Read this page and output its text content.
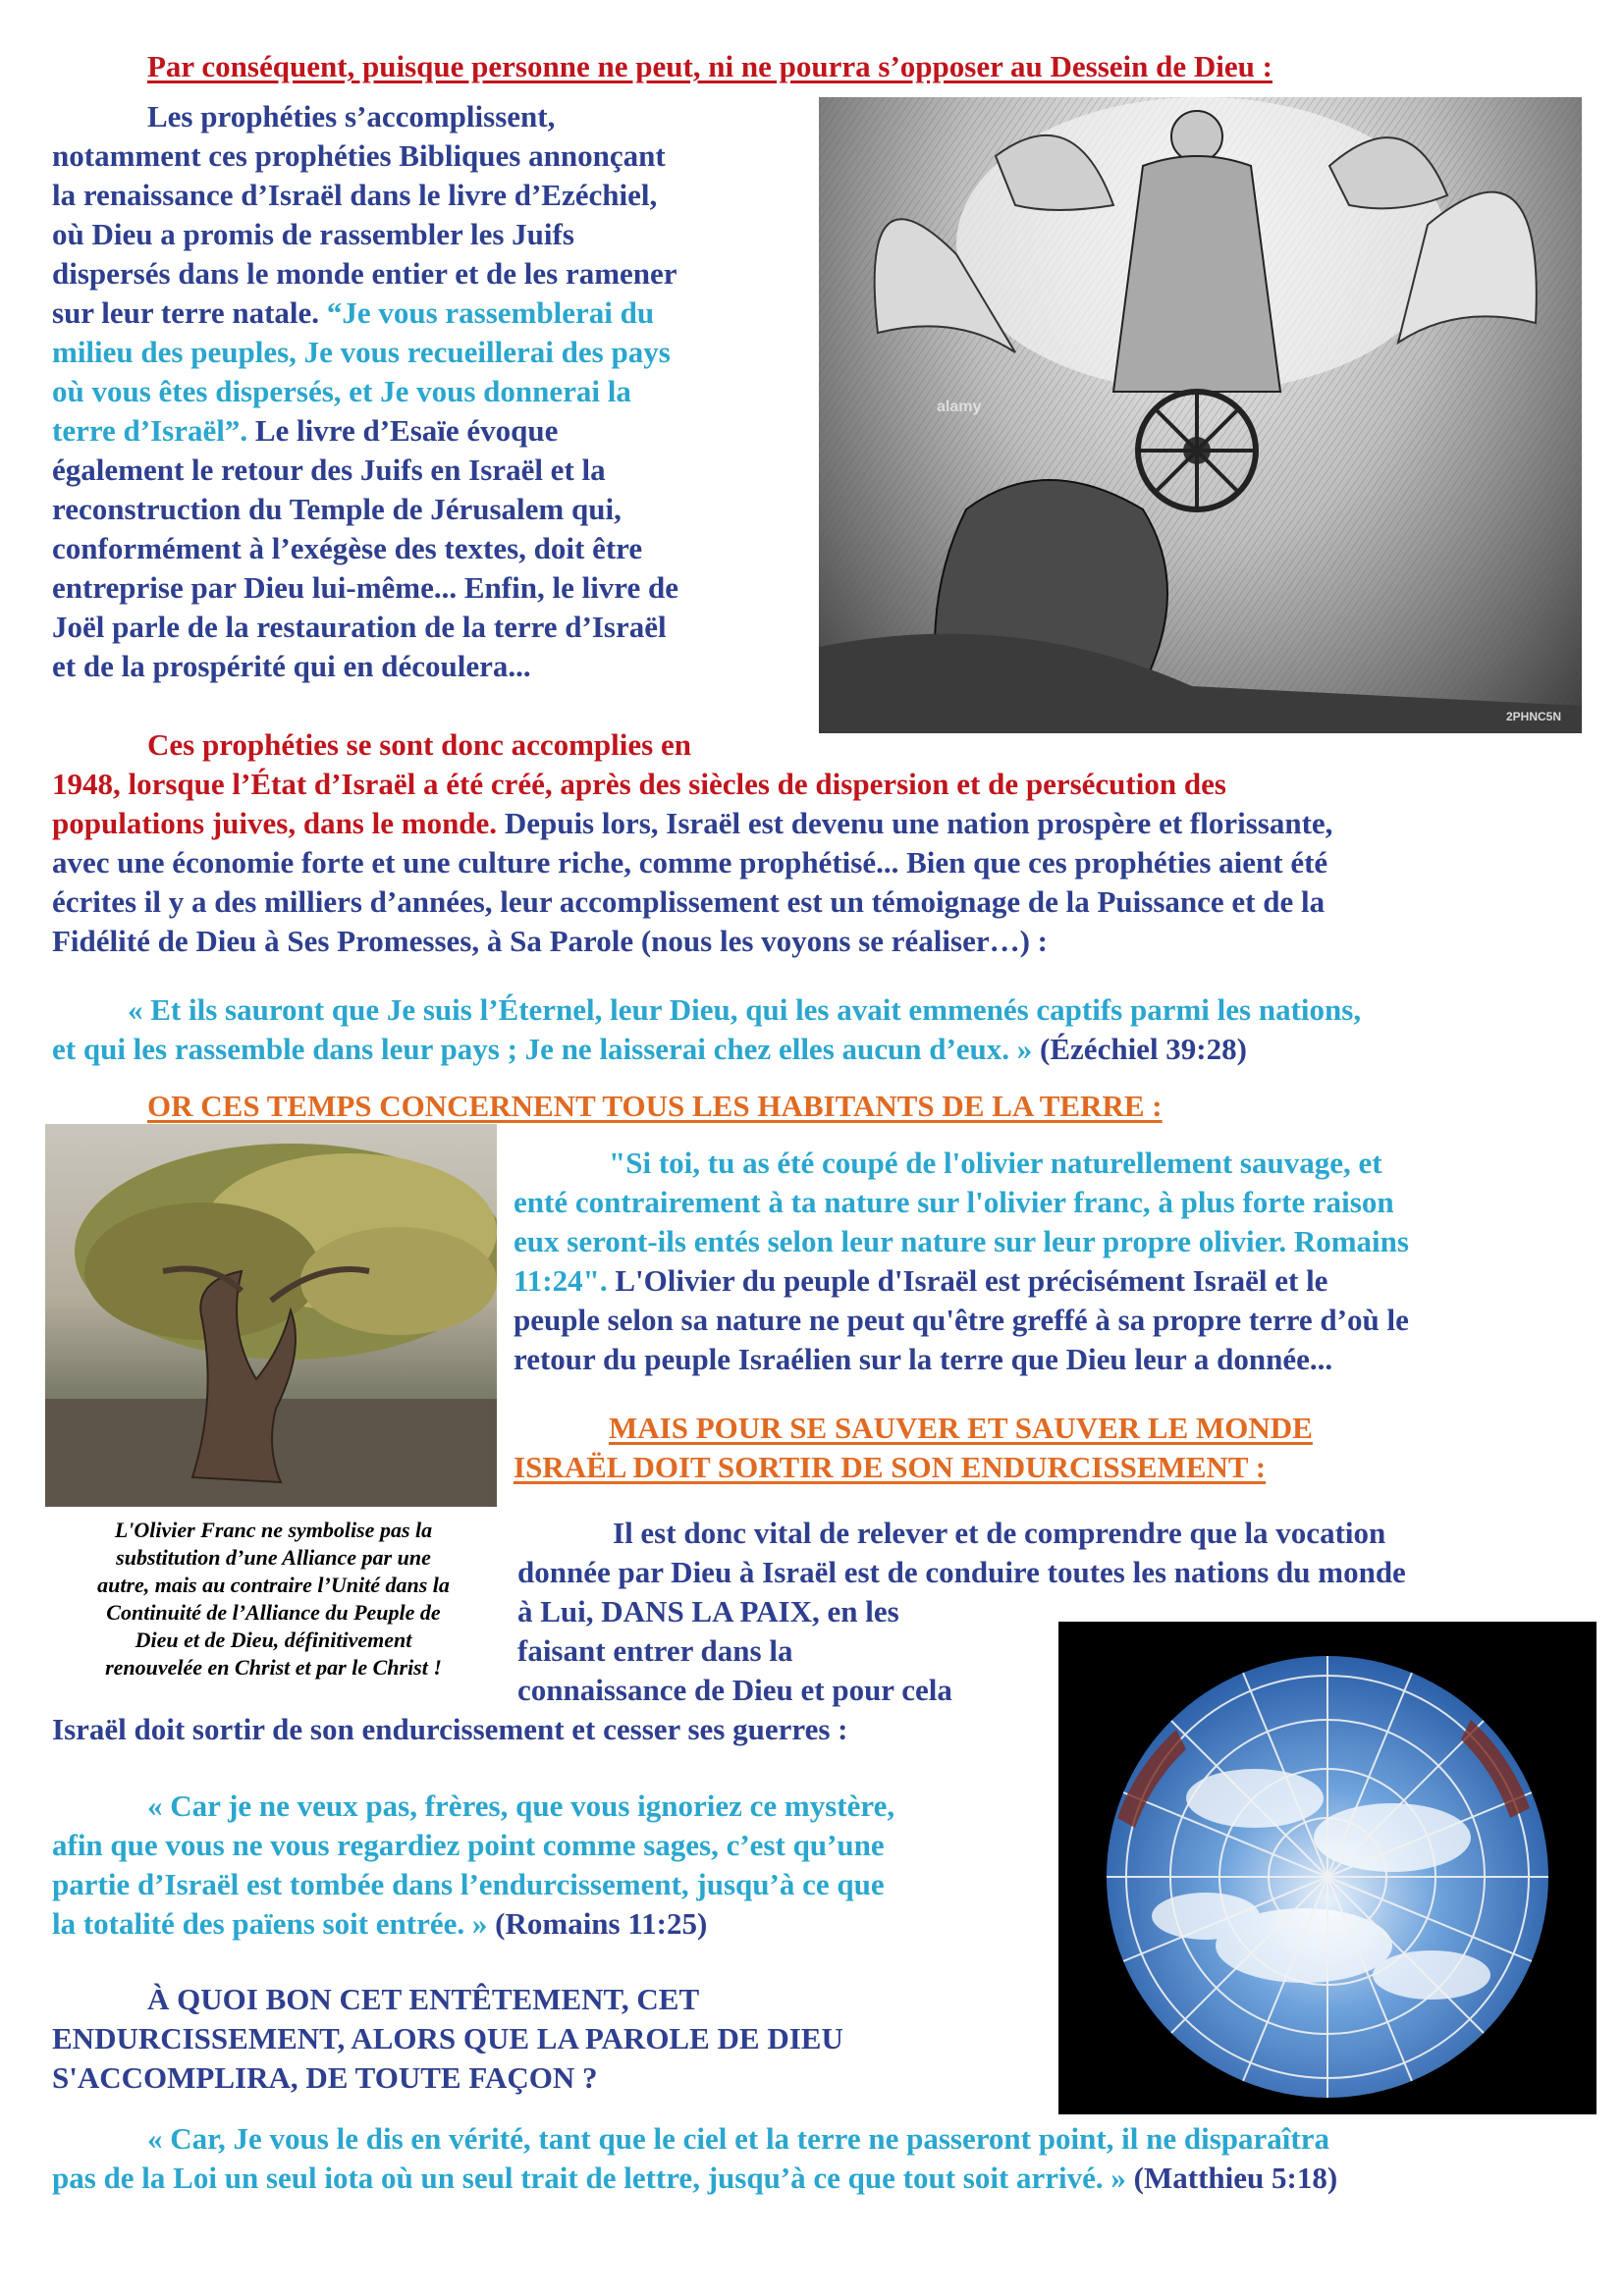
Par conséquent, puisque personne ne peut, ni ne pourra s’opposer au Dessein de Dieu :
alamy
2PHNC5N
Les prophéties s’accomplissent,
notamment ces prophéties Bibliques annonçant
la renaissance d’Israël dans le livre d’Ezéchiel,
où Dieu a promis de rassembler les Juifs
dispersés dans le monde entier et de les ramener
sur leur terre natale. “Je vous rassemblerai du
milieu des peuples, Je vous recueillerai des pays
où vous êtes dispersés, et Je vous donnerai la
terre d’Israël”. Le livre d’Esaïe évoque
également le retour des Juifs en Israël et la
reconstruction du Temple de Jérusalem qui,
conformément à l’exégèse des textes, doit être
entreprise par Dieu lui-même... Enfin, le livre de
Joël parle de la restauration de la terre d’Israël
et de la prospérité qui en découlera...
Ces prophéties se sont donc accomplies en
1948, lorsque l’État d’Israël a été créé, après des siècles de dispersion et de persécution des
populations juives, dans le monde. Depuis lors, Israël est devenu une nation prospère et florissante,
avec une économie forte et une culture riche, comme prophétisé... Bien que ces prophéties aient été
écrites il y a des milliers d’années, leur accomplissement est un témoignage de la Puissance et de la
Fidélité de Dieu à Ses Promesses, à Sa Parole (nous les voyons se réaliser…) :
« Et ils sauront que Je suis l’Éternel, leur Dieu, qui les avait emmenés captifs parmi les nations,
et qui les rassemble dans leur pays ; Je ne laisserai chez elles aucun d’eux. » (Ézéchiel 39:28)
OR CES TEMPS CONCERNENT TOUS LES HABITANTS DE LA TERRE :
"Si toi, tu as été coupé de l'olivier naturellement sauvage, et
enté contrairement à ta nature sur l'olivier franc, à plus forte raison
eux seront-ils entés selon leur nature sur leur propre olivier. Romains
11:24". L'Olivier du peuple d'Israël est précisément Israël et le
peuple selon sa nature ne peut qu'être greffé à sa propre terre d’où le
retour du peuple Israélien sur la terre que Dieu leur a donnée...
MAIS POUR SE SAUVER ET SAUVER LE MONDE
ISRAËL DOIT SORTIR DE SON ENDURCISSEMENT :
L'Olivier Franc ne symbolise pas la
substitution d’une Alliance par une
autre, mais au contraire l’Unité dans la
Continuité de l’Alliance du Peuple de
Dieu et de Dieu, définitivement
renouvelée en Christ et par le Christ !
Il est donc vital de relever et de comprendre que la vocation
donnée par Dieu à Israël est de conduire toutes les nations du monde
à Lui, DANS LA PAIX, en les
faisant entrer dans la
connaissance de Dieu et pour cela
Israël doit sortir de son endurcissement et cesser ses guerres :
« Car je ne veux pas, frères, que vous ignoriez ce mystère,
afin que vous ne vous regardiez point comme sages, c’est qu’une
partie d’Israël est tombée dans l’endurcissement, jusqu’à ce que
la totalité des païens soit entrée. » (Romains 11:25)
À QUOI BON CET ENTÊTEMENT, CET
ENDURCISSEMENT, ALORS QUE LA PAROLE DE DIEU
S'ACCOMPLIRA, DE TOUTE FAÇON ?
« Car, Je vous le dis en vérité, tant que le ciel et la terre ne passeront point, il ne disparaîtra
pas de la Loi un seul iota où un seul trait de lettre, jusqu’à ce que tout soit arrivé. » (Matthieu 5:18)
